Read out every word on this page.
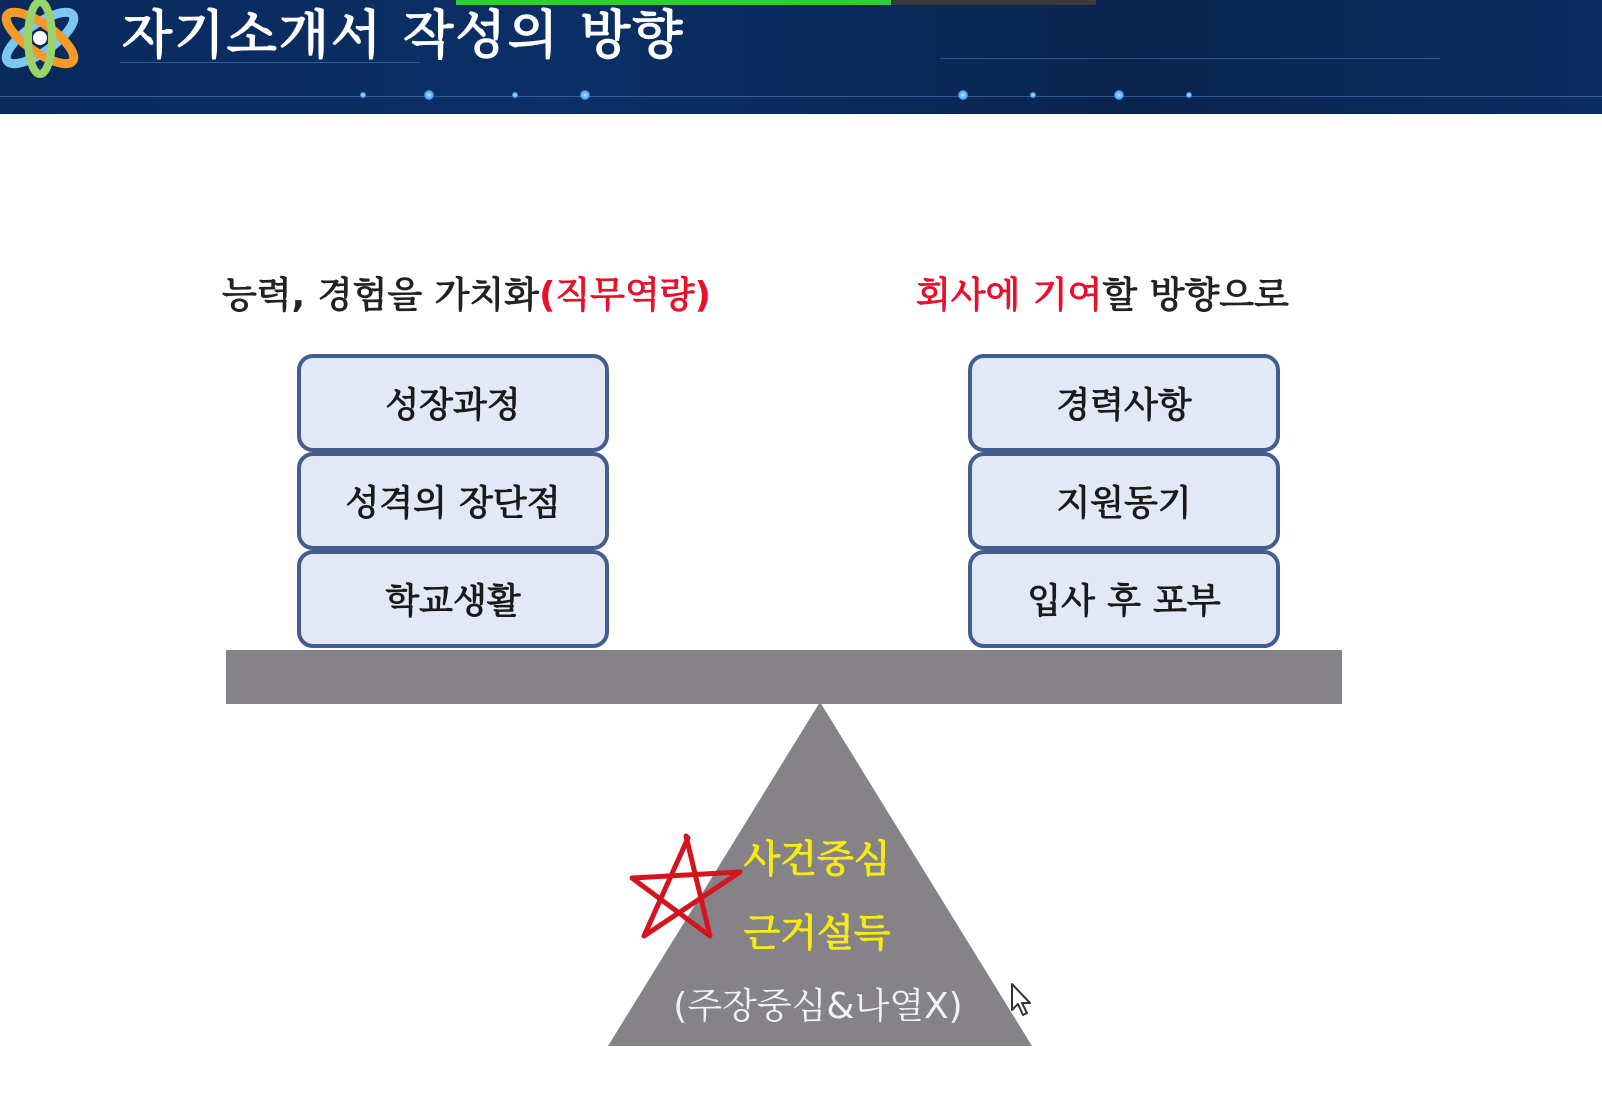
자기소개서 작성의 방향
능력, 경험을 가치화(직무역량)	회사에 기여할 방향으로
성장과정
성격의 장단점
학교생활
경력사항
지원동기
입사 후 포부
사건중심
근거설득
(주장중심&나열X)
